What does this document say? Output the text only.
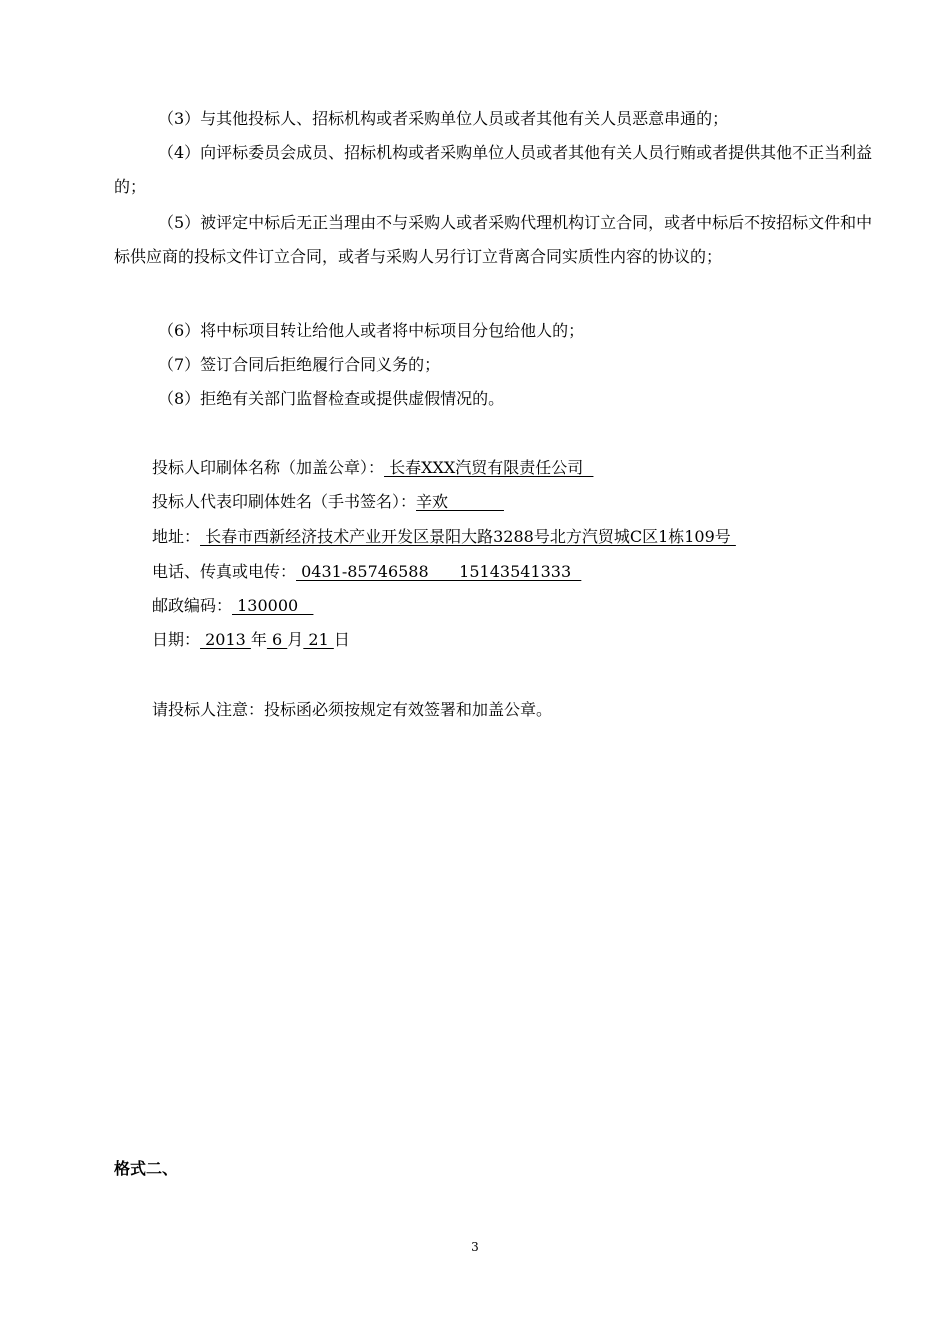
（3）与其他投标人、招标机构或者采购单位人员或者其他有关人员恶意串通的；
（4）向评标委员会成员、招标机构或者采购单位人员或者其他有关人员行贿或者提供其他不正当利益的；
（5）被评定中标后无正当理由不与采购人或者采购代理机构订立合同，或者中标后不按招标文件和中标供应商的投标文件订立合同，或者与采购人另行订立背离合同实质性内容的协议的；
（6）将中标项目转让给他人或者将中标项目分包给他人的；
（7）签订合同后拒绝履行合同义务的；
（8）拒绝有关部门监督检查或提供虚假情况的。
投标人印刷体名称（加盖公章）： 长春XXX汽贸有限责任公司
投标人代表印刷体姓名（手书签名）：辛欢
地址： 长春市西新经济技术产业开发区景阳大路3288号北方汽贸城C区1栋109号
电话、传真或电传： 0431-85746588      15143541333
邮政编码： 130000
日期： 2013 年 6 月 21 日
请投标人注意：投标函必须按规定有效签署和加盖公章。
格式二、
3
